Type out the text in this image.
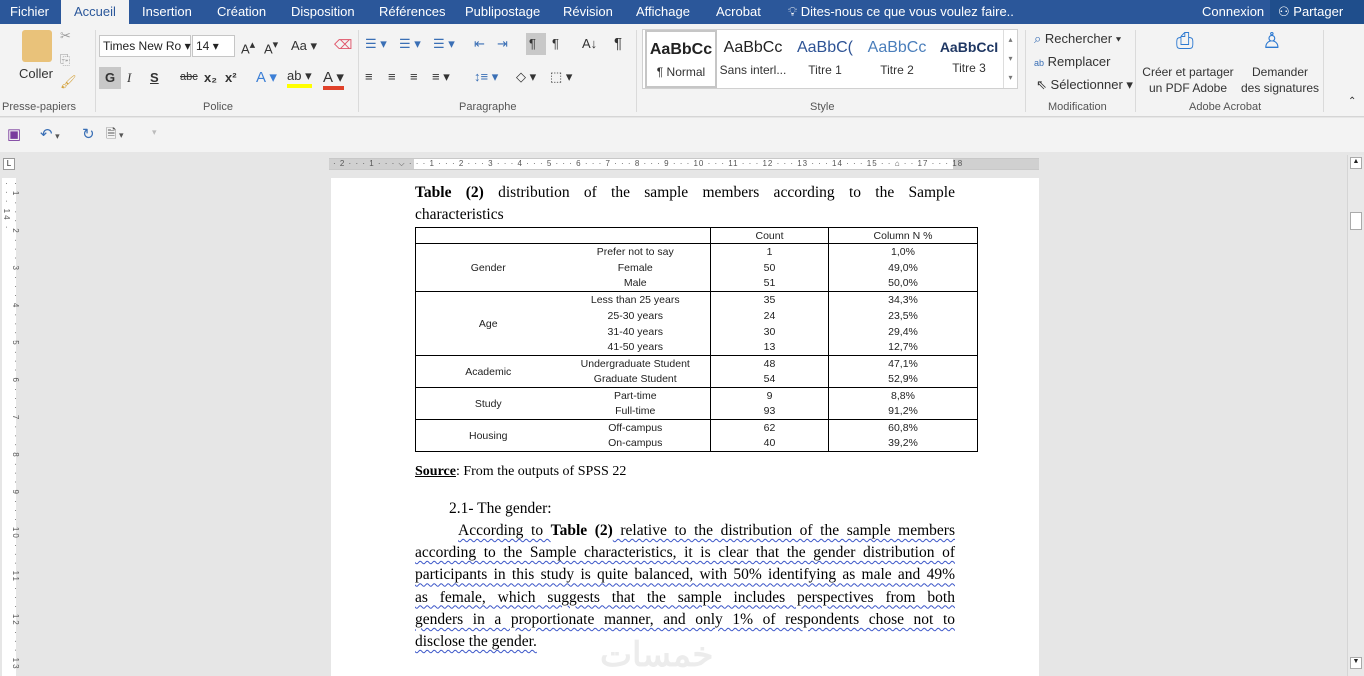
Fichier	Accueil	Insertion Création Disposition Références Publipostage Révision Affichage Acrobat 💡︎ Dites-nous ce que vous voulez faire..	Connexion	⚇ Partager
Coller
✂
⎘
🖌︎
Presse-papiers
Times New Ro ▾ 14 ▾	A▴ A▾ Aa ▾ ⌫
G I S abc x₂ x² A ▾ ab ▾ A ▾
Police
☰ ▾ ☰ ▾ ☰ ▾ ⇤ ⇥ ¶	¶ A↓ ¶
≡ ≡ ≡ ≡ ▾ ↕≡ ▾ ◇ ▾ ⬚ ▾
Paragraphe
AaBbCc
¶ Normal
AaBbCc
Sans interl...
AaBbC(
Titre 1
AaBbCc
Titre 2
AaBbCcI
Titre 3
▴
▾
▾
Style
⌕ Rechercher ▾
ab Remplacer
⇖ Sélectionner ▾
Modification
⎙
Créer et partager
un PDF Adobe
♙
Demander
des signatures
Adobe Acrobat	⌃
▣ ↶ ▾ ↻ 🗎︎ ▾	▾
L	· 2 · · · 1 · · · ⌵ · · · 1 · · · 2 · · · 3 · · · 4 · · · 5 · · · 6 · · · 7 · · · 8 · · · 9 · · · 10 · · · 11 · · · 12 · · · 13 · · · 14 · · · 15 · · ⌂ · · 17 · · · 18
· 1 · · · 2 · · · 3 · · · 4 · · · 5 · · · 6 · · · 7 · · · 8 · · · 9 · · · 10 · · · 11 · · · 12 · · · 13 · · · 14 ·	Table (2) distribution of the sample members according to the Sample
characteristics
		Count	Column N %
Gender	Prefer not to say	1	1,0%
	Female	50	49,0%
	Male	51	50,0%
Age	Less than 25 years	35	34,3%
	25-30 years	24	23,5%
	31-40 years	30	29,4%
	41-50 years	13	12,7%
Academic	Undergraduate Student	48	47,1%
	Graduate Student	54	52,9%
Study	Part-time	9	8,8%
	Full-time	93	91,2%
Housing	Off-campus	62	60,8%
	On-campus	40	39,2%
Source: From the outputs of SPSS 22
2.1- The gender:
According to Table (2) relative to the distribution of the sample members
according to the Sample characteristics, it is clear that the gender distribution of
participants in this study is quite balanced, with 50% identifying as male and 49%
as female, which suggests that the sample includes perspectives from both
genders in a proportionate manner, and only 1% of respondents chose not to
disclose the gender.	خمسات
▲
▼
